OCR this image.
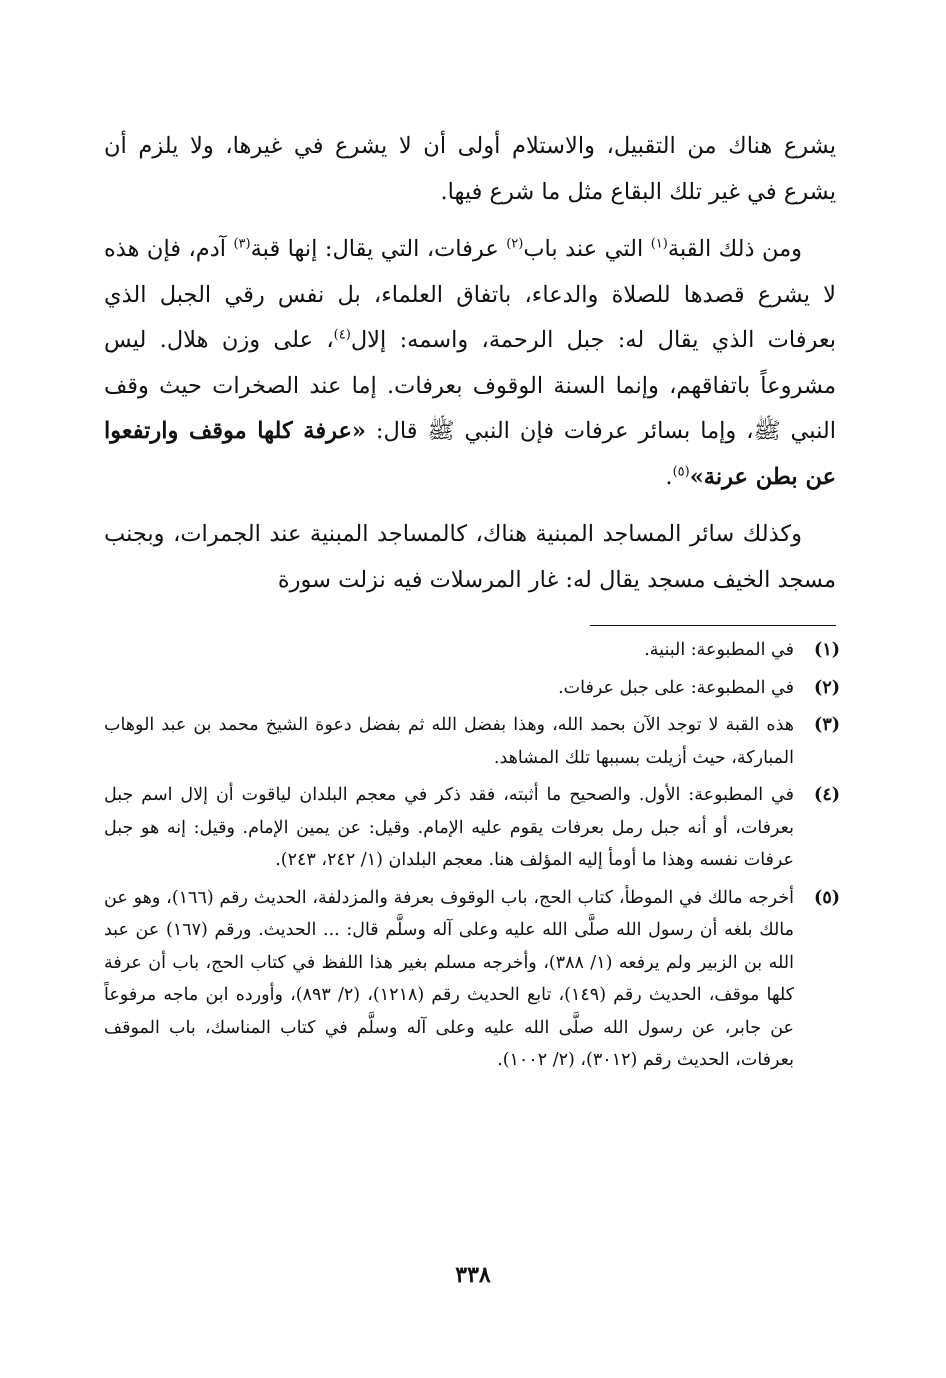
يشرع هناك من التقبيل، والاستلام أولى أن لا يشرع في غيرها، ولا يلزم أن يشرع في غير تلك البقاع مثل ما شرع فيها.

ومن ذلك القبة$^{(١)}$ التي عند باب$^{(٢)}$ عرفات، التي يقال: إنها قبة$^{(٣)}$ آدم، فإن هذه لا يشرع قصدها للصلاة والدعاء، باتفاق العلماء، بل نفس رقي الجبل الذي بعرفات الذي يقال له: جبل الرحمة، واسمه: إلال$^{(٤)}$، على وزن هلال. ليس مشروعاً باتفاقهم، وإنما السنة الوقوف بعرفات. إما عند الصخرات حيث وقف النبي ﷺ، وإما بسائر عرفات فإن النبي ﷺ قال: «عرفة كلها موقف وارتفعوا عن بطن عرنة»$^{(٥)}$.

وكذلك سائر المساجد المبنية هناك، كالمساجد المبنية عند الجمرات، وبجنب مسجد الخيف مسجد يقال له: غار المرسلات فيه نزلت سورة

(١)
في المطبوعة: البنية.
(٢)
في المطبوعة: على جبل عرفات.
(٣)
هذه القبة لا توجد الآن بحمد الله، وهذا بفضل الله ثم بفضل دعوة الشيخ محمد بن عبد الوهاب المباركة، حيث أزيلت بسببها تلك المشاهد.
(٤)
في المطبوعة: الأول. والصحيح ما أثبته، فقد ذكر في معجم البلدان لياقوت أن إلال اسم جبل بعرفات، أو أنه جبل رمل بعرفات يقوم عليه الإمام. وقيل: عن يمين الإمام. وقيل: إنه هو جبل عرفات نفسه وهذا ما أومأ إليه المؤلف هنا. معجم البلدان (١/ ٢٤٢، ٢٤٣).
(٥)
أخرجه مالك في الموطأ، كتاب الحج، باب الوقوف بعرفة والمزدلفة، الحديث رقم (١٦٦)، وهو عن مالك بلغه أن رسول الله صلَّى الله عليه وعلى آله وسلَّم قال: ... الحديث. ورقم (١٦٧) عن عبد الله بن الزبير ولم يرفعه (١/ ٣٨٨)، وأخرجه مسلم بغير هذا اللفظ في كتاب الحج، باب أن عرفة كلها موقف، الحديث رقم (١٤٩)، تابع الحديث رقم (١٢١٨)، (٢/ ٨٩٣)، وأورده ابن ماجه مرفوعاً عن جابر، عن رسول الله صلَّى الله عليه وعلى آله وسلَّم في كتاب المناسك، باب الموقف بعرفات، الحديث رقم (٣٠١٢)، (٢/ ١٠٠٢).
٣٣٨
